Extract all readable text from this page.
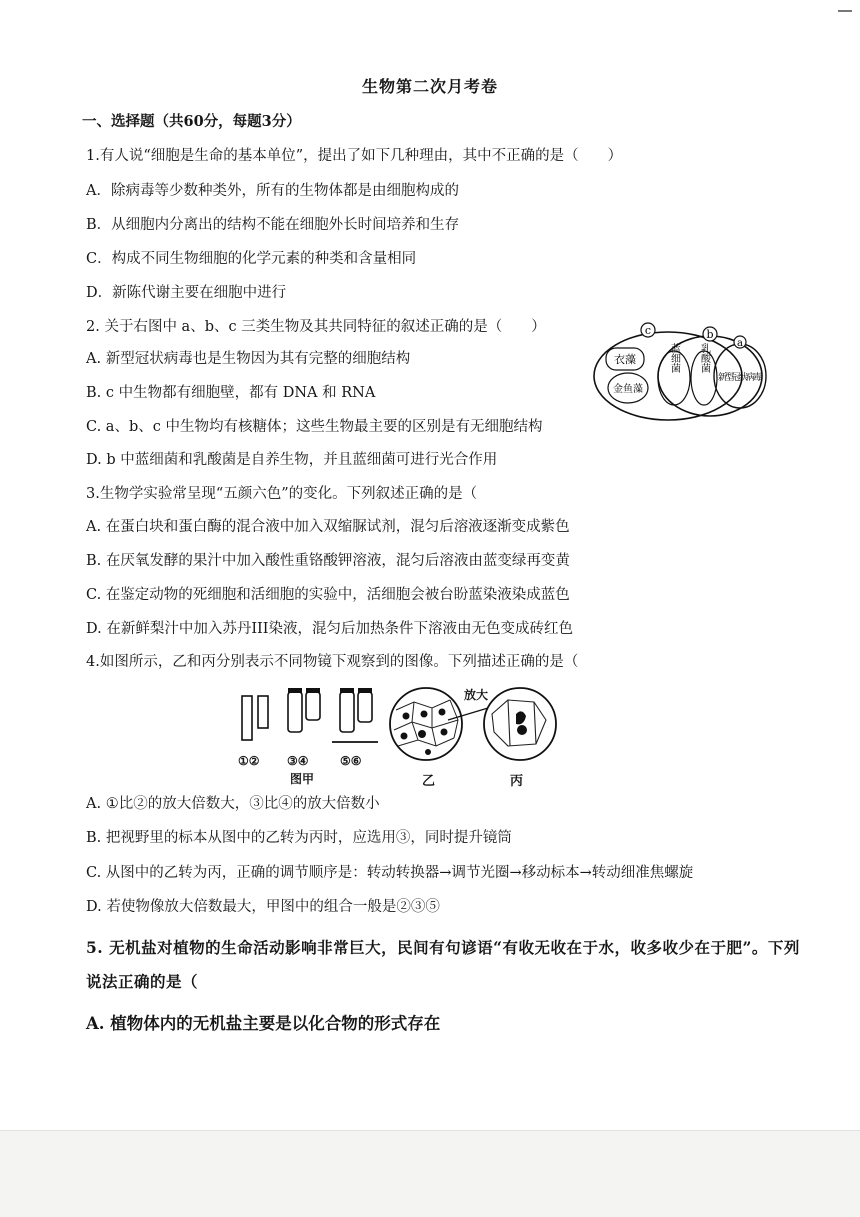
生物第二次月考卷
一、选择题（共60分，每题3分）
1.有人说“细胞是生命的基本单位”，提出了如下几种理由，其中不正确的是（　　）
A．除病毒等少数种类外，所有的生物体都是由细胞构成的
B．从细胞内分离出的结构不能在细胞外长时间培养和生存
C．构成不同生物细胞的化学元素的种类和含量相同
D．新陈代谢主要在细胞中进行
2. 关于右图中 a、b、c 三类生物及其共同特征的叙述正确的是（　　）
A. 新型冠状病毒也是生物因为其有完整的细胞结构
B. c 中生物都有细胞壁，都有 DNA 和 RNA
C. a、b、c 中生物均有核糖体；这些生物最主要的区别是有无细胞结构
D. b 中蓝细菌和乳酸菌是自养生物，并且蓝细菌可进行光合作用
c	b
a
衣藻
金鱼藻
蓝细菌 乳酸菌
新型冠状病毒
3.生物学实验常呈现“五颜六色”的变化。下列叙述正确的是（
A. 在蛋白块和蛋白酶的混合液中加入双缩脲试剂，混匀后溶液逐渐变成紫色
B. 在厌氧发酵的果汁中加入酸性重铬酸钾溶液，混匀后溶液由蓝变绿再变黄
C. 在鉴定动物的死细胞和活细胞的实验中，活细胞会被台盼蓝染液染成蓝色
D. 在新鲜梨汁中加入苏丹III染液，混匀后加热条件下溶液由无色变成砖红色
4.如图所示，乙和丙分别表示不同物镜下观察到的图像。下列描述正确的是（
①② ③④	⑤⑥
图甲	乙	丙
放大
A. ①比②的放大倍数大，③比④的放大倍数小
B. 把视野里的标本从图中的乙转为丙时，应选用③，同时提升镜筒
C. 从图中的乙转为丙，正确的调节顺序是：转动转换器→调节光圈→移动标本→转动细准焦螺旋
D. 若使物像放大倍数最大，甲图中的组合一般是②③⑤
5. 无机盐对植物的生命活动影响非常巨大，民间有句谚语“有收无收在于水，收多收少在于肥”。下列
说法正确的是（
A. 植物体内的无机盐主要是以化合物的形式存在
